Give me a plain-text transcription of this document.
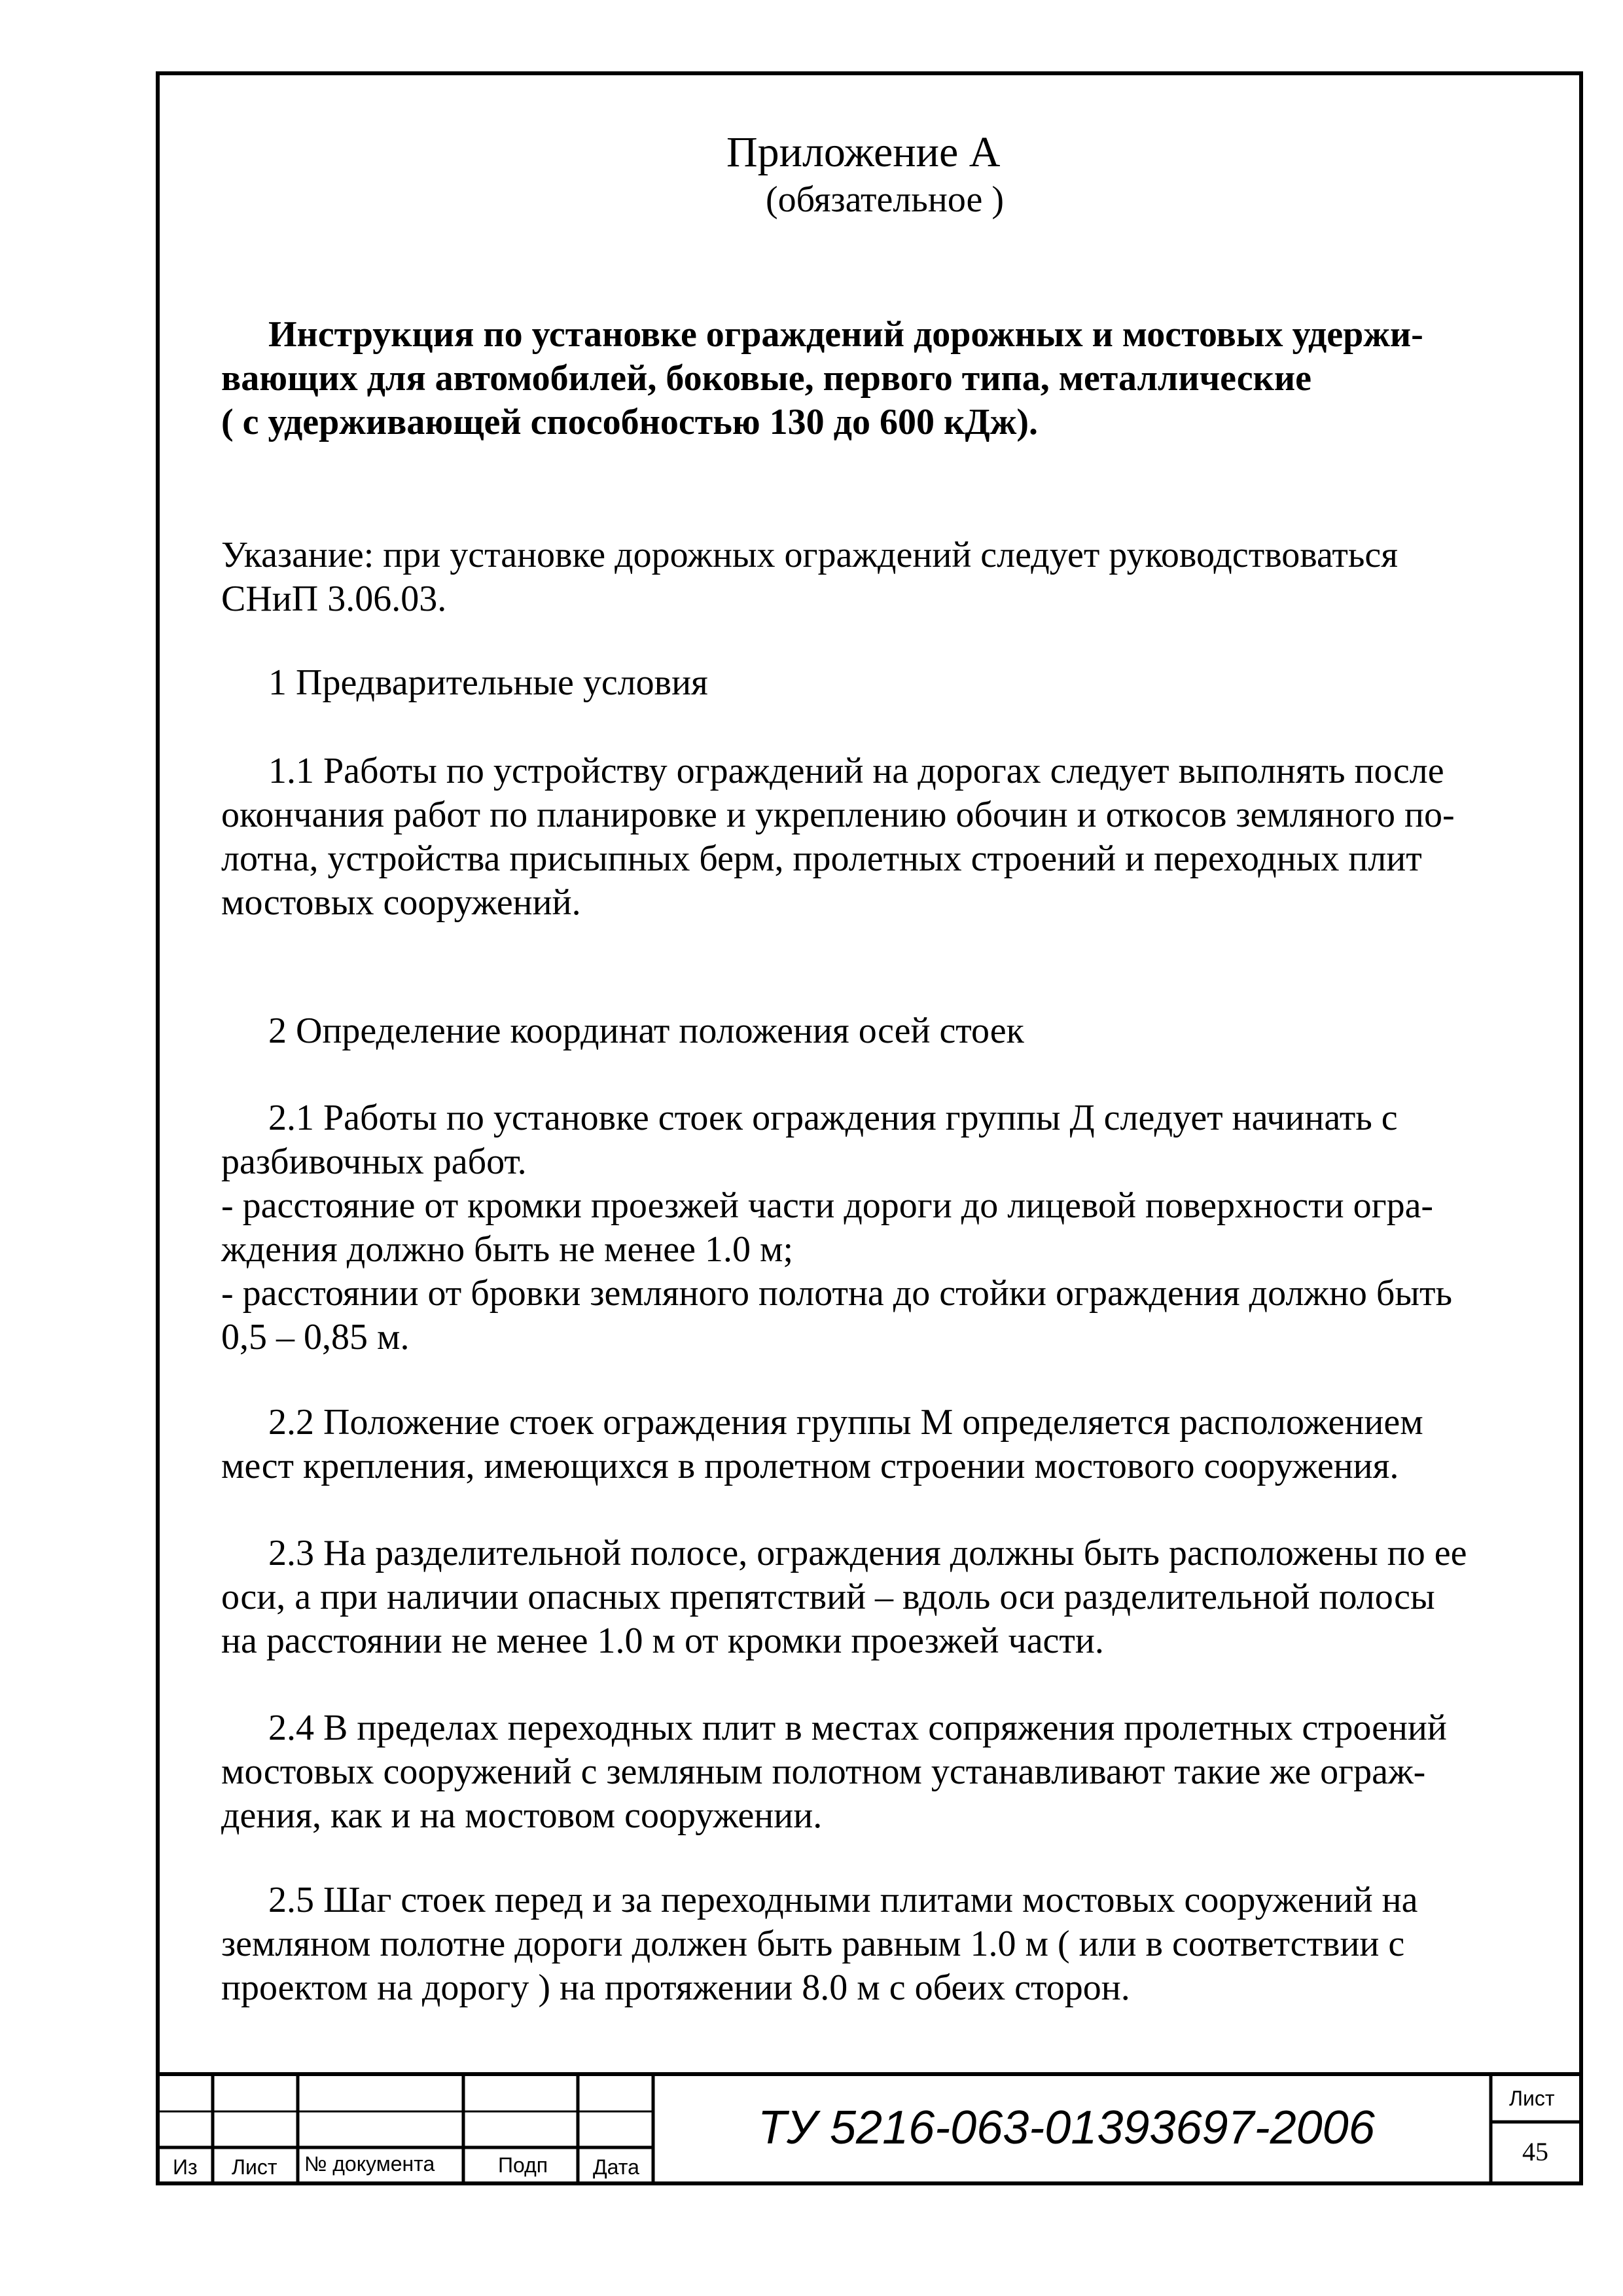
Приложение А
(обязательное )
Инструкция по установке ограждений дорожных и мостовых удержи-
вающих для автомобилей, боковые, первого типа, металлические
( с удерживающей способностью 130 до 600 кДж).
Указание: при установке дорожных ограждений следует руководствоваться
СНиП 3.06.03.
1 Предварительные условия
1.1 Работы по устройству ограждений на дорогах следует выполнять после
окончания работ по планировке и укреплению обочин и откосов земляного по-
лотна, устройства присыпных берм, пролетных строений и переходных плит
мостовых сооружений.
2 Определение координат положения осей стоек
2.1 Работы по установке стоек ограждения группы Д следует начинать с
разбивочных работ.
- расстояние от кромки проезжей части дороги до лицевой поверхности огра-
ждения должно быть не менее 1.0 м;
- расстоянии от бровки земляного полотна до стойки ограждения должно быть
0,5 – 0,85 м.
2.2 Положение стоек ограждения группы М определяется расположением
мест крепления, имеющихся в пролетном строении мостового сооружения.
2.3 На разделительной полосе, ограждения должны быть расположены по ее
оси, а при наличии опасных препятствий – вдоль оси разделительной полосы
на расстоянии не менее 1.0 м от кромки проезжей части.
2.4 В пределах переходных плит в местах сопряжения пролетных строений
мостовых сооружений с земляным полотном устанавливают такие же ограж-
дения, как и на мостовом сооружении.
2.5 Шаг стоек перед и за переходными плитами мостовых сооружений на
земляном полотне дороги должен быть равным 1.0 м ( или в соответствии с
проектом на дорогу ) на протяжении 8.0 м с обеих сторон.
Из Лист № документа	Подп Дата
ТУ 5216-063-01393697-2006
Лист
45
